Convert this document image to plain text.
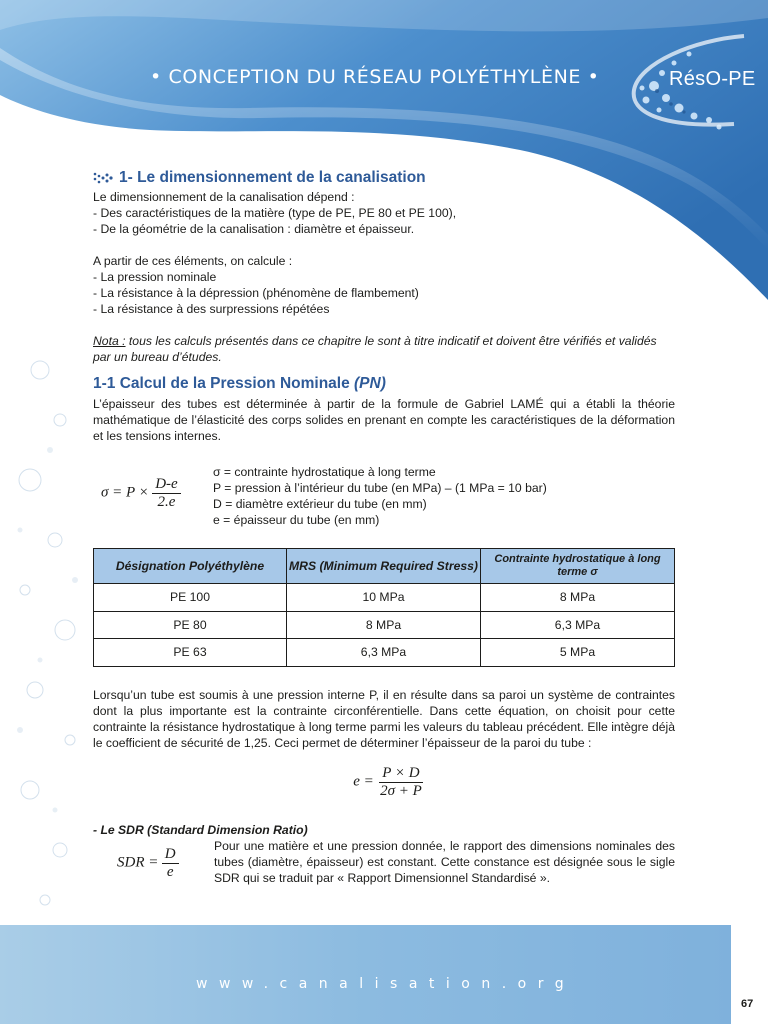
• CONCEPTION DU RÉSEAU POLYÉTHYLÈNE •	RésO-PE
1- Le dimensionnement de la canalisation

Le dimensionnement de la canalisation dépend :

- Des caractéristiques de la matière (type de PE, PE 80 et PE 100),

- De la géométrie de la canalisation : diamètre et épaisseur.

A partir de ces éléments, on calcule :

- La pression nominale

- La résistance à la dépression (phénomène de flambement)

- La résistance à des surpressions répétées

Nota : tous les calculs présentés dans ce chapitre le sont à titre indicatif et doivent être vérifiés et validés par un bureau d’études.

1-1 Calcul de la Pression Nominale (PN)

L’épaisseur des tubes est déterminée à partir de la formule de Gabriel LAMÉ qui a établi la théorie mathématique de l’élasticité des corps solides en prenant en compte les caractéristiques de la déformation et les tensions internes.

$\sigma = P \times \frac{D-e}{2.e}$

σ = contrainte hydrostatique à long terme

P = pression à l’intérieur du tube (en MPa) – (1 MPa = 10 bar)

D = diamètre extérieur du tube (en mm)

e = épaisseur du tube (en mm)

Désignation Polyéthylène	MRS (Minimum Required Stress)	Contrainte hydrostatique à long terme σ
PE 100	10 MPa	8 MPa
PE 80	8 MPa	6,3 MPa
PE 63	6,3 MPa	5 MPa

Lorsqu’un tube est soumis à une pression interne P, il en résulte dans sa paroi un système de contraintes dont la plus importante est la contrainte circonférentielle. Dans cette équation, on choisit pour cette contrainte la résistance hydrostatique à long terme parmi les valeurs du tableau précédent. Elle intègre déjà le coefficient de sécurité de 1,25. Ceci permet de déterminer l’épaisseur de la paroi du tube :

$e = \frac{P \times D}{2\sigma + P}$

- Le SDR (Standard Dimension Ratio)

SDR = $\frac{D}{e}$	Pour une matière et une pression donnée, le rapport des dimensions nominales des tubes (diamètre, épaisseur) est constant. Cette constance est désignée sous le sigle SDR qui se traduit par « Rapport Dimensionnel Standardisé ».

www.canalisation.org
67
